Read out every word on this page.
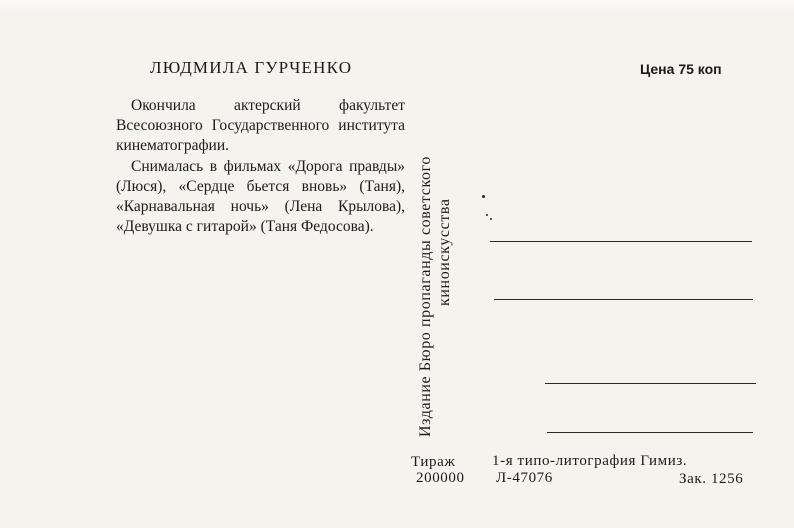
ЛЮДМИЛА ГУРЧЕНКО

Окончила актерский факультет Всесоюзного Государственного института кинематографии.

Снималась в фильмах «Дорога правды» (Люся), «Сердце бьется вновь» (Таня), «Карнавальная ночь» (Лена Крылова), «Девушка с гитарой» (Таня Федосова).

Цена 75 коп
Издание Бюро пропаганды советского киноискусства
Тираж
200000
1-я типо-литография Гимиз.
Л-47076	Зак. 1256
